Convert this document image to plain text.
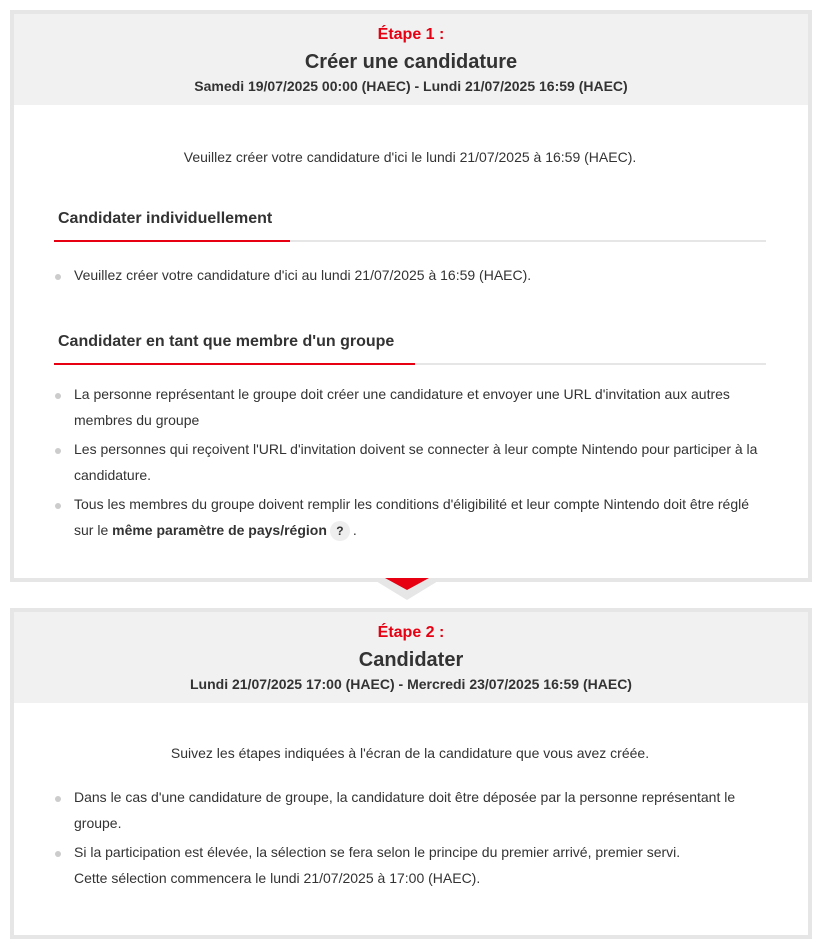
Étape 1 :
Créer une candidature
Samedi 19/07/2025 00:00 (HAEC) - Lundi 21/07/2025 16:59 (HAEC)

Veuillez créer votre candidature d'ici le lundi 21/07/2025 à 16:59 (HAEC).

Candidater individuellement
Veuillez créer votre candidature d'ici au lundi 21/07/2025 à 16:59 (HAEC).
Candidater en tant que membre d'un groupe
La personne représentant le groupe doit créer une candidature et envoyer une URL d'invitation aux autres membres du groupe
Les personnes qui reçoivent l'URL d'invitation doivent se connecter à leur compte Nintendo pour participer à la candidature.
Tous les membres du groupe doivent remplir les conditions d'éligibilité et leur compte Nintendo doit être réglé sur le même paramètre de pays/région ? .
Étape 2 :
Candidater
Lundi 21/07/2025 17:00 (HAEC) - Mercredi 23/07/2025 16:59 (HAEC)

Suivez les étapes indiquées à l'écran de la candidature que vous avez créée.

Dans le cas d'une candidature de groupe, la candidature doit être déposée par la personne représentant le groupe.
Si la participation est élevée, la sélection se fera selon le principe du premier arrivé, premier servi.
Cette sélection commencera le lundi 21/07/2025 à 17:00 (HAEC).
